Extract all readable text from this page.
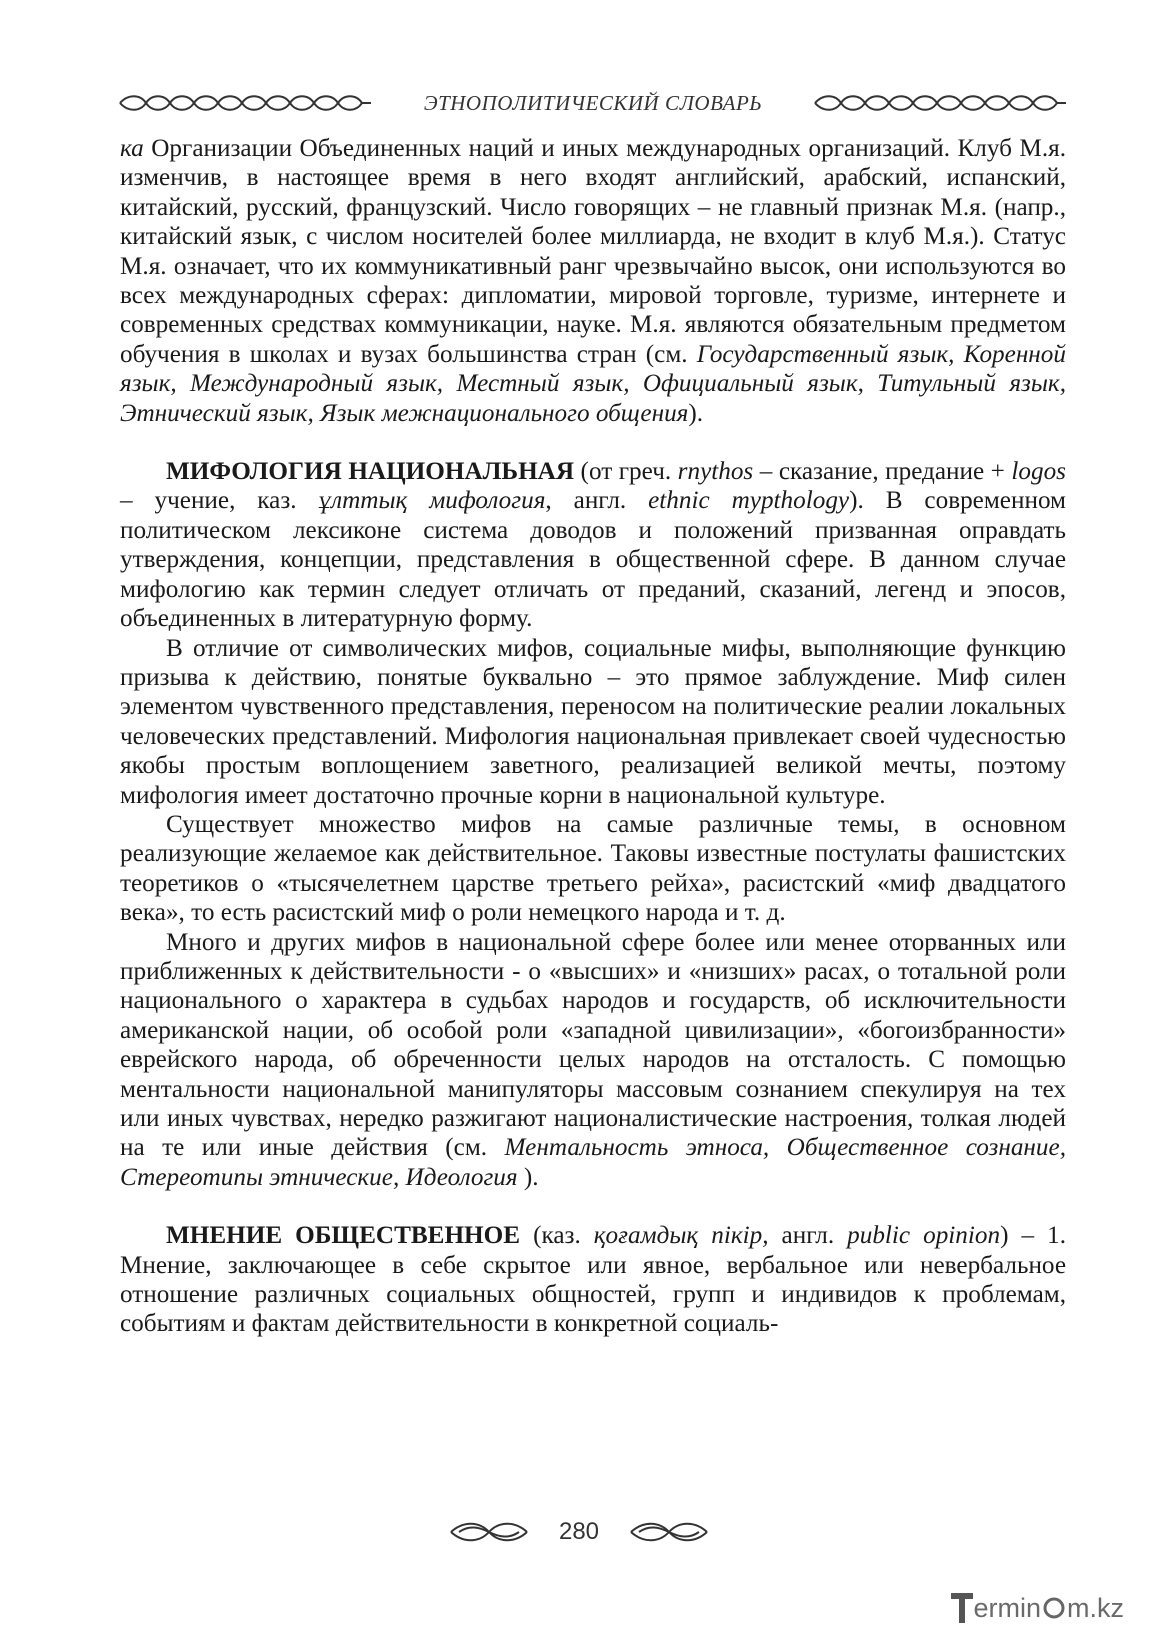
ЭТНОПОЛИТИЧЕСКИЙ СЛОВАРЬ

ка Организации Объединенных наций и иных международных организаций. Клуб М.я. изменчив, в настоящее время в него входят английский, арабский, испанский, китайский, русский, французский. Число говорящих – не главный признак М.я. (напр., китайский язык, с числом носителей более миллиарда, не входит в клуб М.я.). Статус М.я. означает, что их коммуникативный ранг чрезвычайно высок, они используются во всех международных сферах: дипломатии, мировой торговле, туризме, интернете и современных средствах коммуникации, науке. М.я. являются обязательным предметом обучения в школах и вузах большинства стран (см. Государственный язык, Коренной язык, Международный язык, Местный язык, Официальный язык, Титульный язык, Этнический язык, Язык межнационального общения).

МИФОЛОГИЯ НАЦИОНАЛЬНАЯ (от греч. rnythos – сказание, предание + logos – учение, каз. ұлттық мифология, англ. ethnic mypthology). В современном политическом лексиконе система доводов и положений призванная оправдать утверждения, концепции, представления в общественной сфере. В данном случае мифологию как термин следует отличать от преданий, сказаний, легенд и эпосов, объединенных в литературную форму.

В отличие от символических мифов, социальные мифы, выполняющие функцию призыва к действию, понятые буквально – это прямое заблуждение. Миф силен элементом чувственного представления, переносом на политические реалии локальных человеческих представлений. Мифология национальная привлекает своей чудесностью якобы простым воплощением заветного, реализацией великой мечты, поэтому мифология имеет достаточно прочные корни в национальной культуре.

Существует множество мифов на самые различные темы, в основном реализующие желаемое как действительное. Таковы известные постулаты фашистских теоретиков о «тысячелетнем царстве третьего рейха», расистский «миф двадцатого века», то есть расистский миф о роли немецкого народа и т. д.

Много и других мифов в национальной сфере более или менее оторванных или приближенных к действительности - о «высших» и «низших» расах, о тотальной роли национального о характера в судьбах народов и государств, об исключительности американской нации, об особой роли «западной цивилизации», «богоизбранности» еврейского народа, об обреченности целых народов на отсталость. С помощью ментальности национальной манипуляторы массовым сознанием спекулируя на тех или иных чувствах, нередко разжигают националистические настроения, толкая людей на те или иные действия (см. Ментальность этноса, Общественное сознание, Стереотипы этнические, Идеология ).

МНЕНИЕ ОБЩЕСТВЕННОЕ (каз. қоғамдық пікір, англ. public opinion) – 1. Мнение, заключающее в себе скрытое или явное, вербальное или невербальное отношение различных социальных общностей, групп и индивидов к проблемам, событиям и фактам действительности в конкретной социаль-

280
ermin m.kz
